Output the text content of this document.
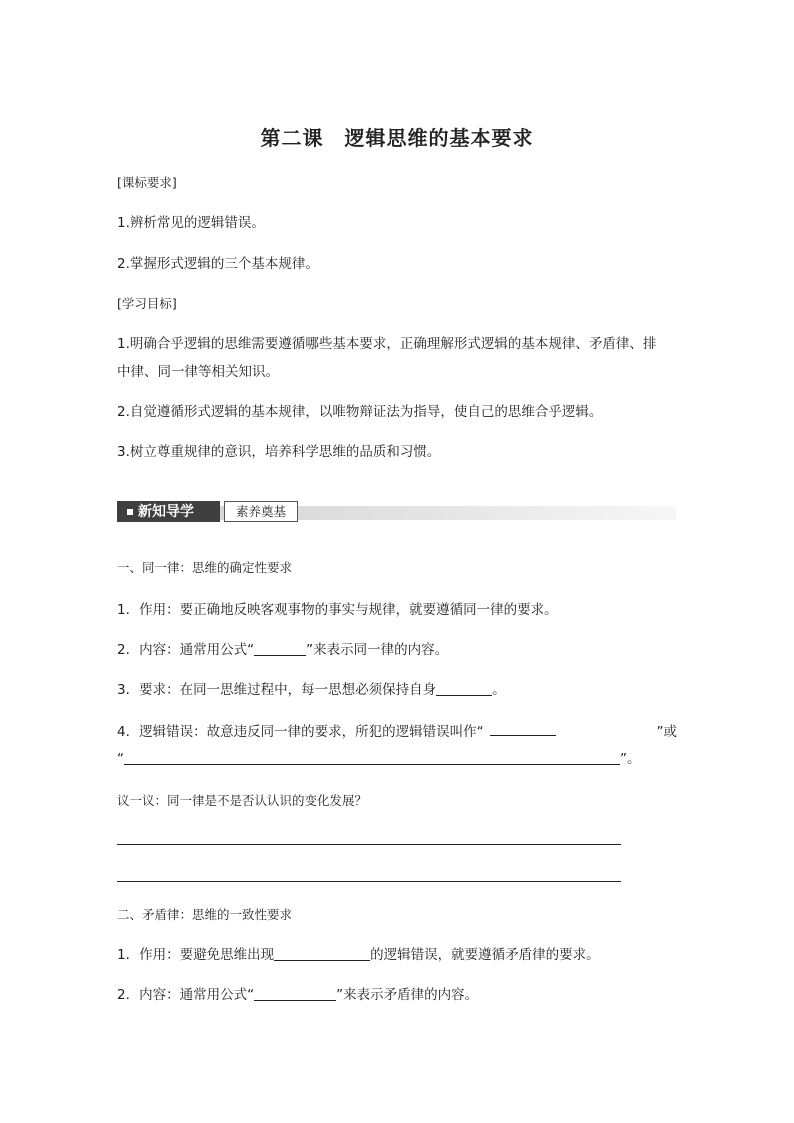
第二课　逻辑思维的基本要求
[课标要求]
1.辨析常见的逻辑错误。
2.掌握形式逻辑的三个基本规律。
[学习目标]
1.明确合乎逻辑的思维需要遵循哪些基本要求，正确理解形式逻辑的基本规律、矛盾律、排
中律、同一律等相关知识。
2.自觉遵循形式逻辑的基本规律，以唯物辩证法为指导，使自己的思维合乎逻辑。
3.树立尊重规律的意识，培养科学思维的品质和习惯。
新知导学	素养奠基
一、同一律：思维的确定性要求
1．作用：要正确地反映客观事物的事实与规律，就要遵循同一律的要求。
2．内容：通常用公式“	”来表示同一律的内容。
3．要求：在同一思维过程中，每一思想必须保持自身	。
4．逻辑错误：故意违反同一律的要求，所犯的逻辑错误叫作“	”或
“	”。
议一议：同一律是不是否认认识的变化发展？
二、矛盾律：思维的一致性要求
1．作用：要避免思维出现	的逻辑错误，就要遵循矛盾律的要求。
2．内容：通常用公式“	”来表示矛盾律的内容。
